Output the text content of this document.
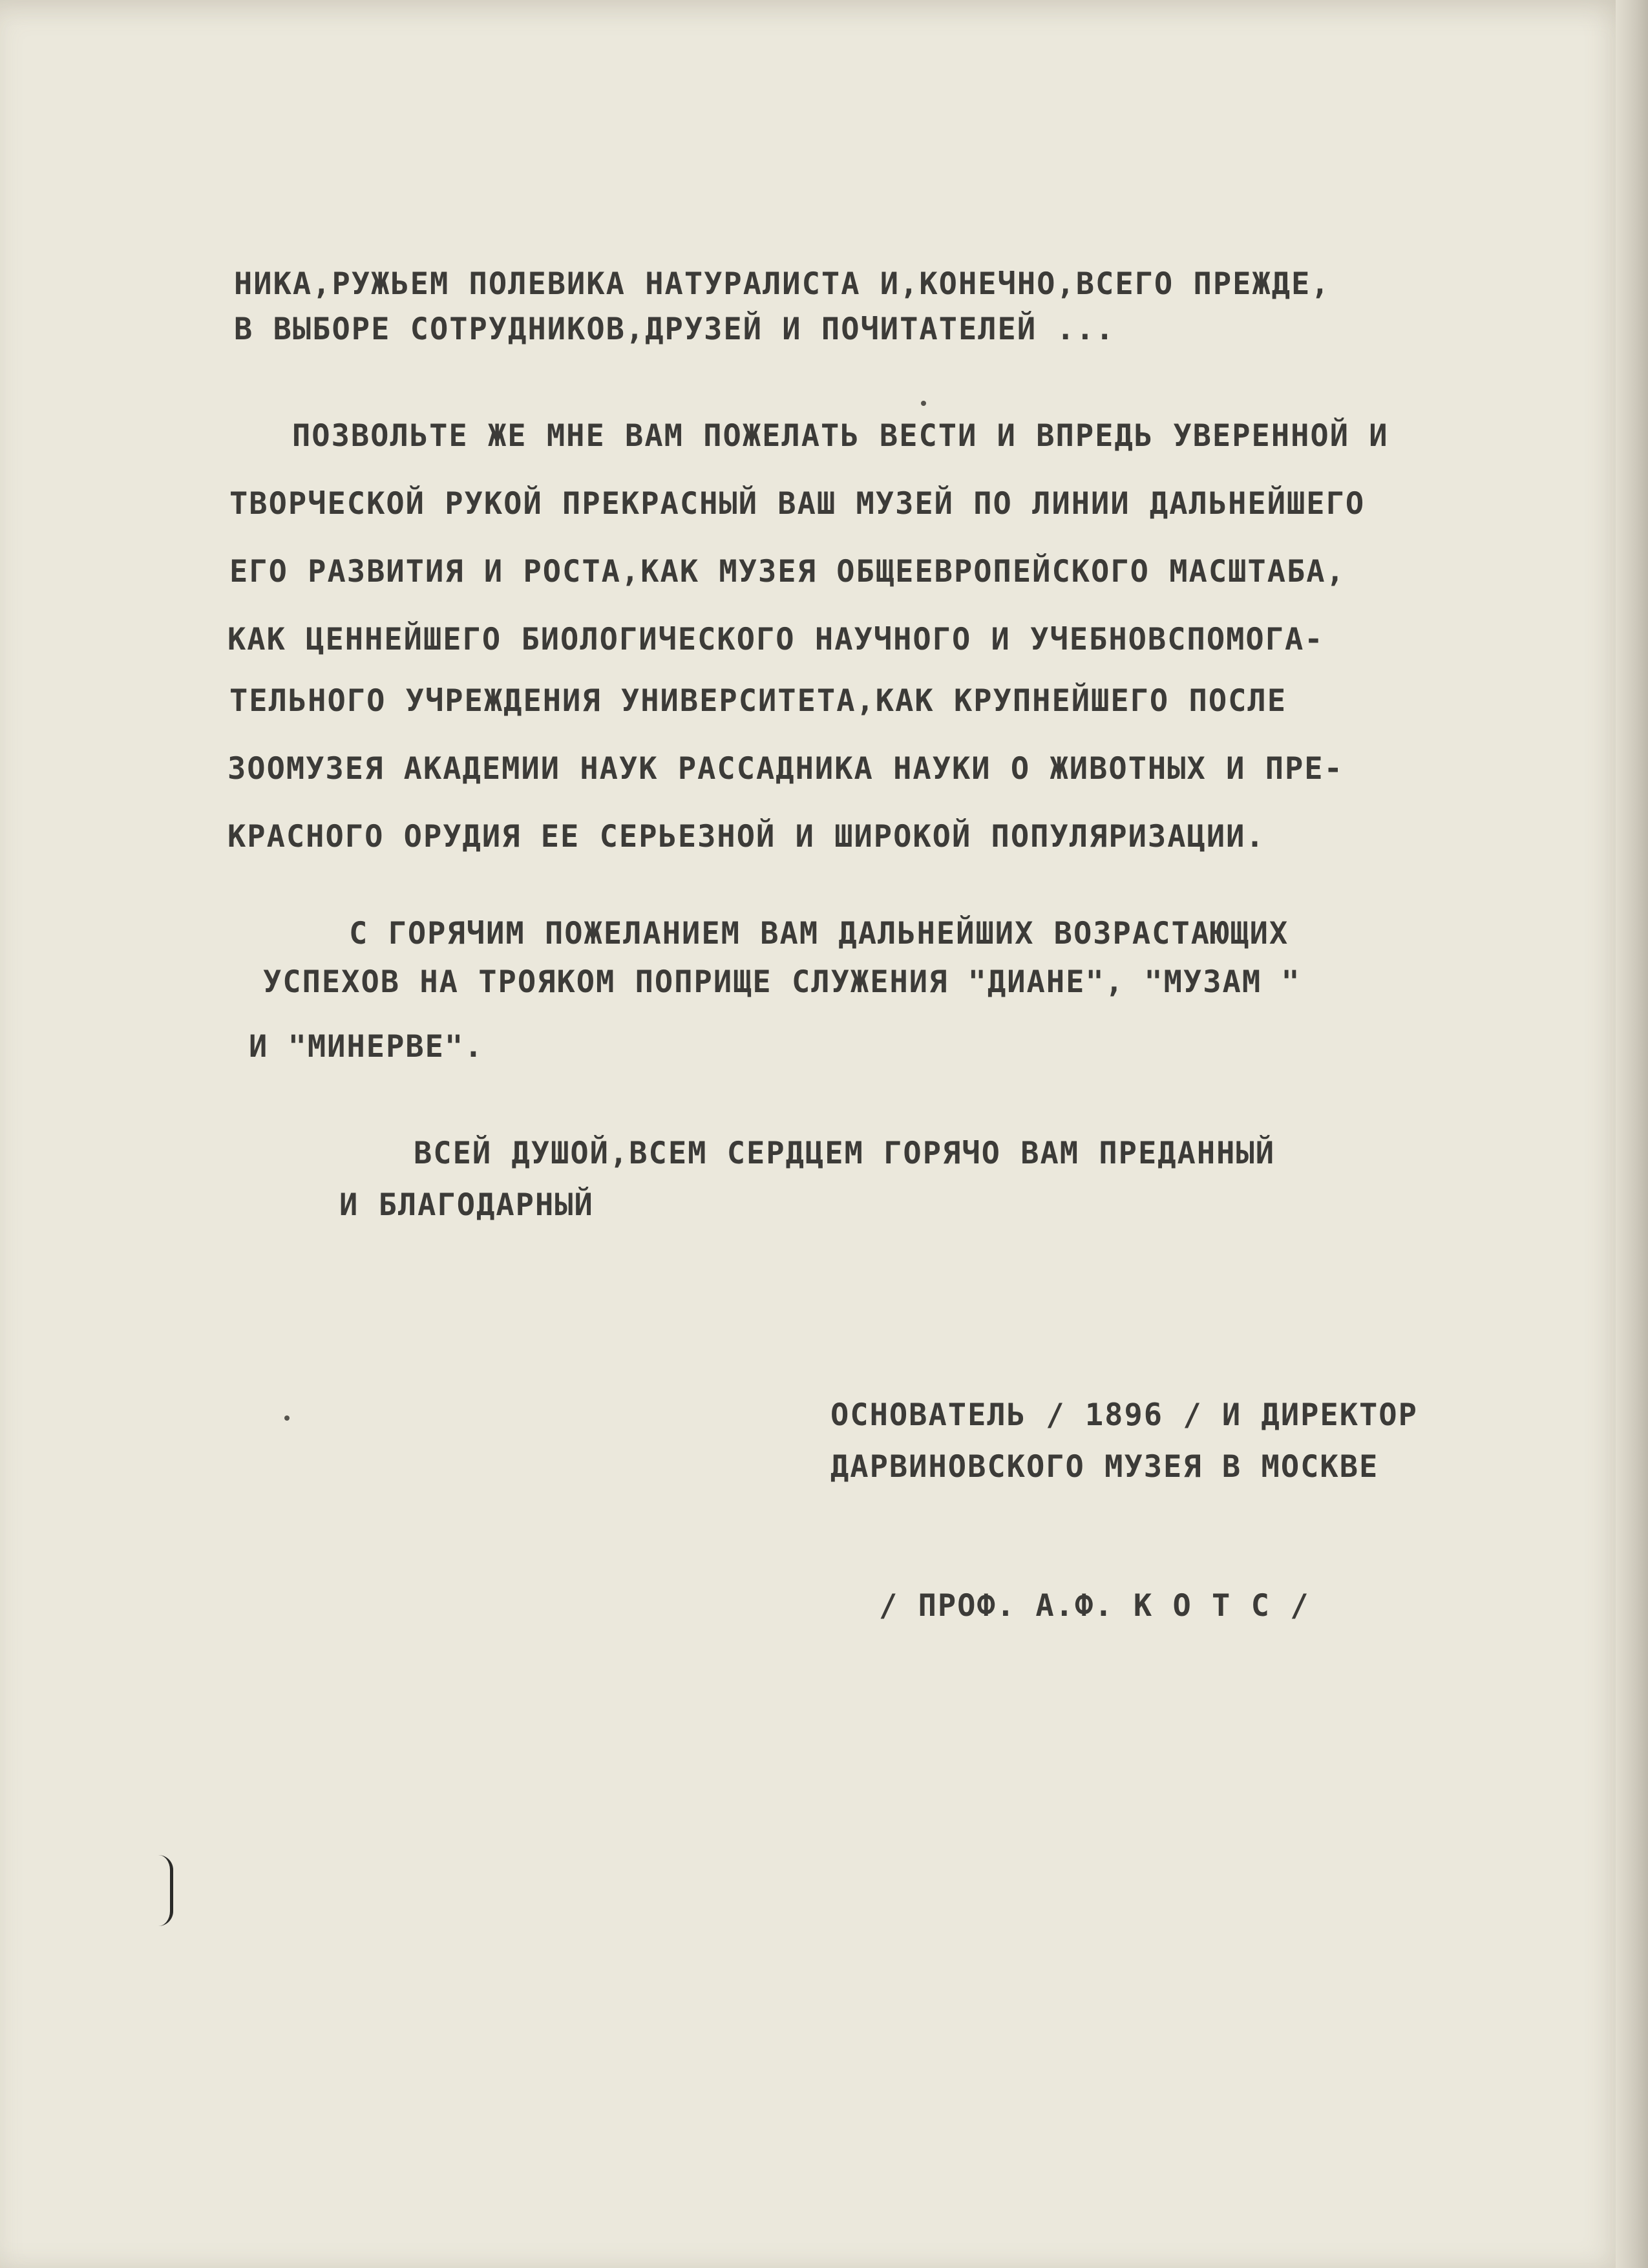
НИКА,РУЖЬЕМ ПОЛЕВИКА НАТУРАЛИСТА И,КОНЕЧНО,ВСЕГО ПРЕЖДЕ,

В ВЫБОРЕ СОТРУДНИКОВ,ДРУЗЕЙ И ПОЧИТАТЕЛЕЙ ...

ПОЗВОЛЬТЕ ЖЕ МНЕ ВАМ ПОЖЕЛАТЬ ВЕСТИ И ВПРЕДЬ УВЕРЕННОЙ И

ТВОРЧЕСКОЙ РУКОЙ ПРЕКРАСНЫЙ ВАШ МУЗЕЙ ПО ЛИНИИ ДАЛЬНЕЙШЕГО

ЕГО РАЗВИТИЯ И РОСТА,КАК МУЗЕЯ ОБЩЕЕВРОПЕЙСКОГО МАСШТАБА,

КАК ЦЕННЕЙШЕГО БИОЛОГИЧЕСКОГО НАУЧНОГО И УЧЕБНОВСПОМОГА-

ТЕЛЬНОГО УЧРЕЖДЕНИЯ УНИВЕРСИТЕТА,КАК КРУПНЕЙШЕГО ПОСЛЕ

ЗООМУЗЕЯ АКАДЕМИИ НАУК РАССАДНИКА НАУКИ О ЖИВОТНЫХ И ПРЕ-

КРАСНОГО ОРУДИЯ ЕЕ СЕРЬЕЗНОЙ И ШИРОКОЙ ПОПУЛЯРИЗАЦИИ.

С ГОРЯЧИМ ПОЖЕЛАНИЕМ ВАМ ДАЛЬНЕЙШИХ ВОЗРАСТАЮЩИХ

УСПЕХОВ НА ТРОЯКОМ ПОПРИЩЕ СЛУЖЕНИЯ "ДИАНЕ", "МУЗАМ "

И "МИНЕРВЕ".

ВСЕЙ ДУШОЙ,ВСЕМ СЕРДЦЕМ ГОРЯЧО ВАМ ПРЕДАННЫЙ

И БЛАГОДАРНЫЙ

ОСНОВАТЕЛЬ / 1896 / И ДИРЕКТОР

ДАРВИНОВСКОГО МУЗЕЯ В МОСКВЕ

/ ПРОФ. А.Ф. К О Т С /
